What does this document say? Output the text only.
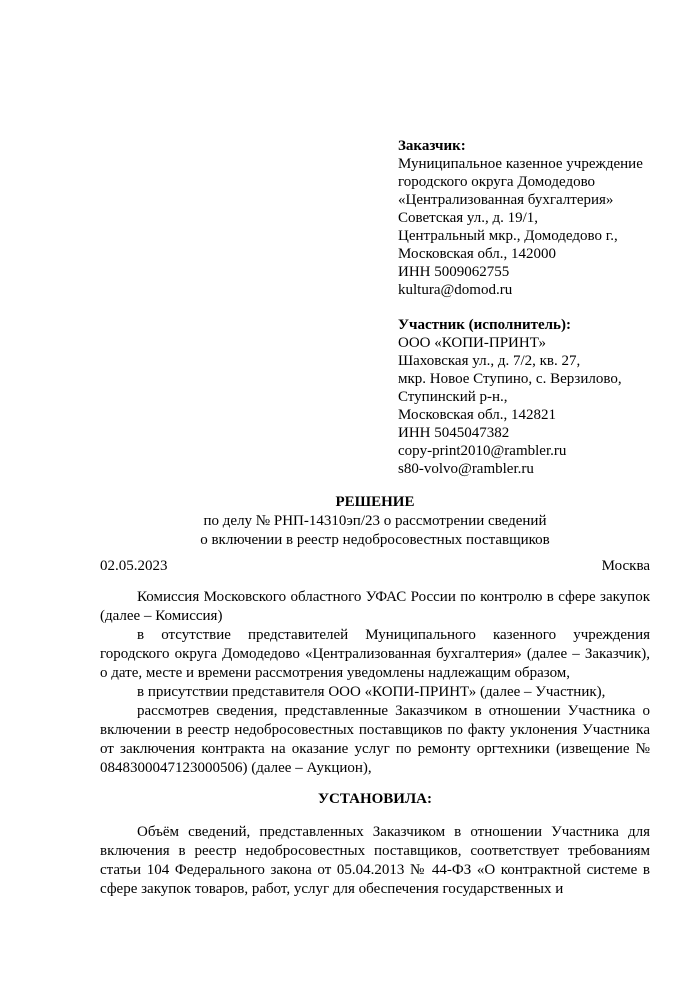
Заказчик:
Муниципальное казенное учреждение
городского округа Домодедово
«Централизованная бухгалтерия»
Советская ул., д. 19/1,
Центральный мкр., Домодедово г.,
Московская обл., 142000
ИНН 5009062755
kultura@domod.ru
Участник (исполнитель):
ООО «КОПИ-ПРИНТ»
Шаховская ул., д. 7/2, кв. 27,
мкр. Новое Ступино, с. Верзилово,
Ступинский р-н.,
Московская обл., 142821
ИНН 5045047382
copy-print2010@rambler.ru
s80-volvo@rambler.ru
РЕШЕНИЕ
по делу № РНП-14310эп/23 о рассмотрении сведений
о включении в реестр недобросовестных поставщиков
02.05.2023	Москва

Комиссия Московского областного УФАС России по контролю в сфере закупок (далее – Комиссия)

в отсутствие представителей Муниципального казенного учреждения городского округа Домодедово «Централизованная бухгалтерия» (далее – Заказчик), о дате, месте и времени рассмотрения уведомлены надлежащим образом,

в присутствии представителя ООО «КОПИ-ПРИНТ» (далее – Участник),

рассмотрев сведения, представленные Заказчиком в отношении Участника о включении в реестр недобросовестных поставщиков по факту уклонения Участника от заключения контракта на оказание услуг по ремонту оргтехники (извещение № 0848300047123000506) (далее – Аукцион),

УСТАНОВИЛА:

Объём сведений, представленных Заказчиком в отношении Участника для включения в реестр недобросовестных поставщиков, соответствует требованиям статьи 104 Федерального закона от 05.04.2013 № 44-ФЗ «О контрактной системе в сфере закупок товаров, работ, услуг для обеспечения государственных и
